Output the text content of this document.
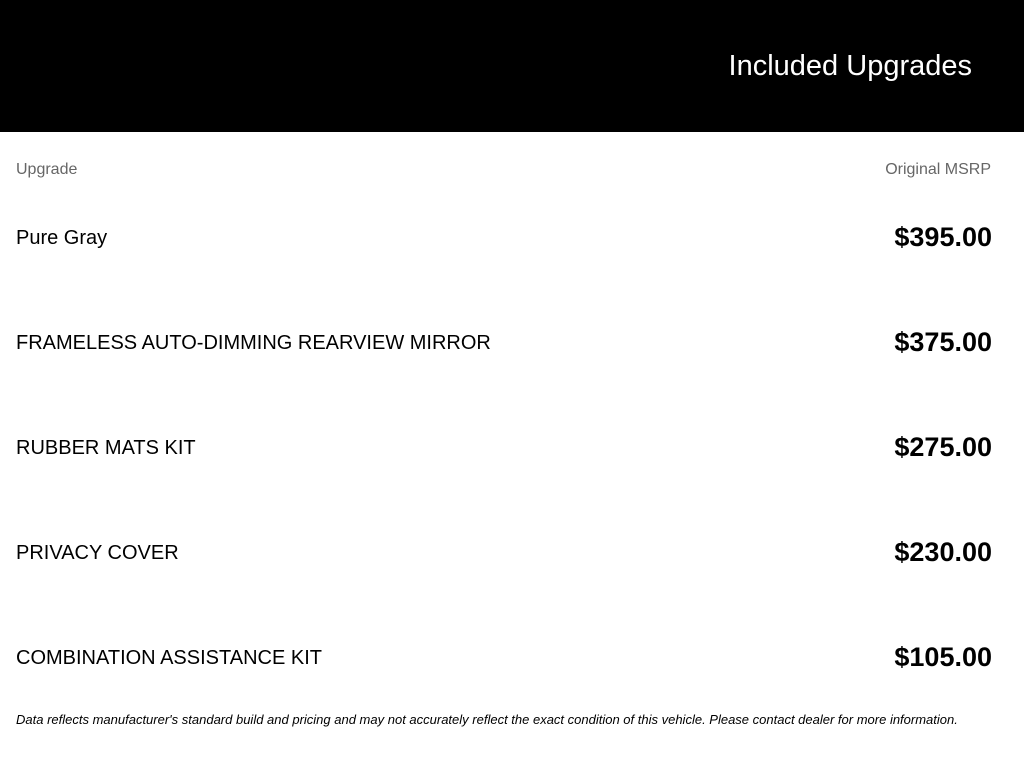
Included Upgrades
Upgrade	Original MSRP
Pure Gray	$395.00
FRAMELESS AUTO-DIMMING REARVIEW MIRROR	$375.00
RUBBER MATS KIT	$275.00
PRIVACY COVER	$230.00
COMBINATION ASSISTANCE KIT	$105.00
Data reflects manufacturer's standard build and pricing and may not accurately reflect the exact condition of this vehicle. Please contact dealer for more information.
